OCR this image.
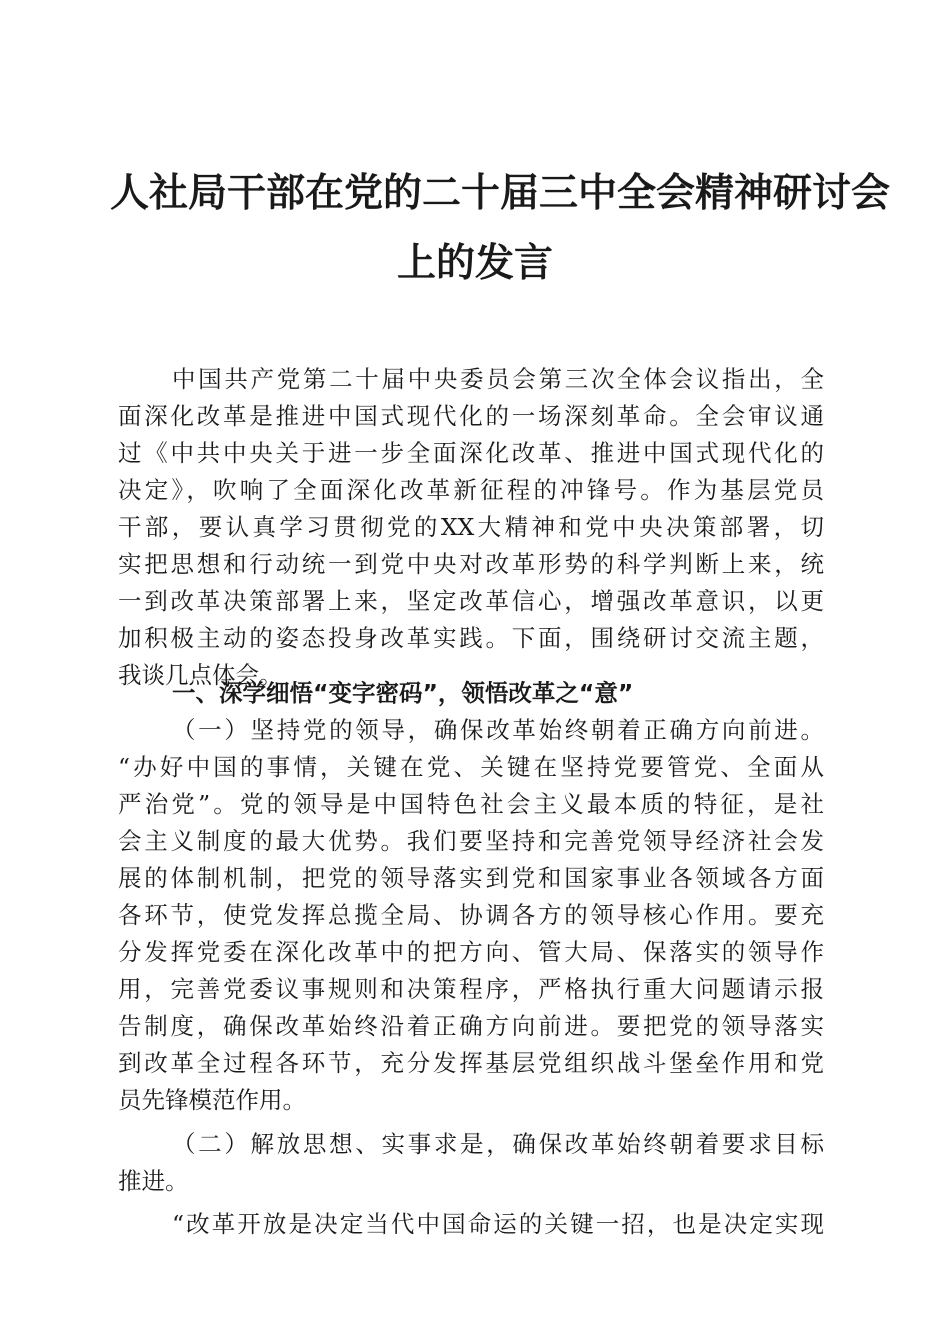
人社局干部在党的二十届三中全会精神研讨会
上的发言
中国共产党第二十届中央委员会第三次全体会议指出，全
面深化改革是推进中国式现代化的一场深刻革命。全会审议通
过《中共中央关于进一步全面深化改革、推进中国式现代化的
决定》，吹响了全面深化改革新征程的冲锋号。作为基层党员
干部，要认真学习贯彻党的XX大精神和党中央决策部署，切
实把思想和行动统一到党中央对改革形势的科学判断上来，统
一到改革决策部署上来，坚定改革信心，增强改革意识，以更
加积极主动的姿态投身改革实践。下面，围绕研讨交流主题，
我谈几点体会。
一、深学细悟“变字密码”，领悟改革之“意”
（一）坚持党的领导，确保改革始终朝着正确方向前进。
“办好中国的事情，关键在党、关键在坚持党要管党、全面从
严治党”。党的领导是中国特色社会主义最本质的特征，是社
会主义制度的最大优势。我们要坚持和完善党领导经济社会发
展的体制机制，把党的领导落实到党和国家事业各领域各方面
各环节，使党发挥总揽全局、协调各方的领导核心作用。要充
分发挥党委在深化改革中的把方向、管大局、保落实的领导作
用，完善党委议事规则和决策程序，严格执行重大问题请示报
告制度，确保改革始终沿着正确方向前进。要把党的领导落实
到改革全过程各环节，充分发挥基层党组织战斗堡垒作用和党
员先锋模范作用。
（二）解放思想、实事求是，确保改革始终朝着要求目标
推进。
“改革开放是决定当代中国命运的关键一招，也是决定实现
